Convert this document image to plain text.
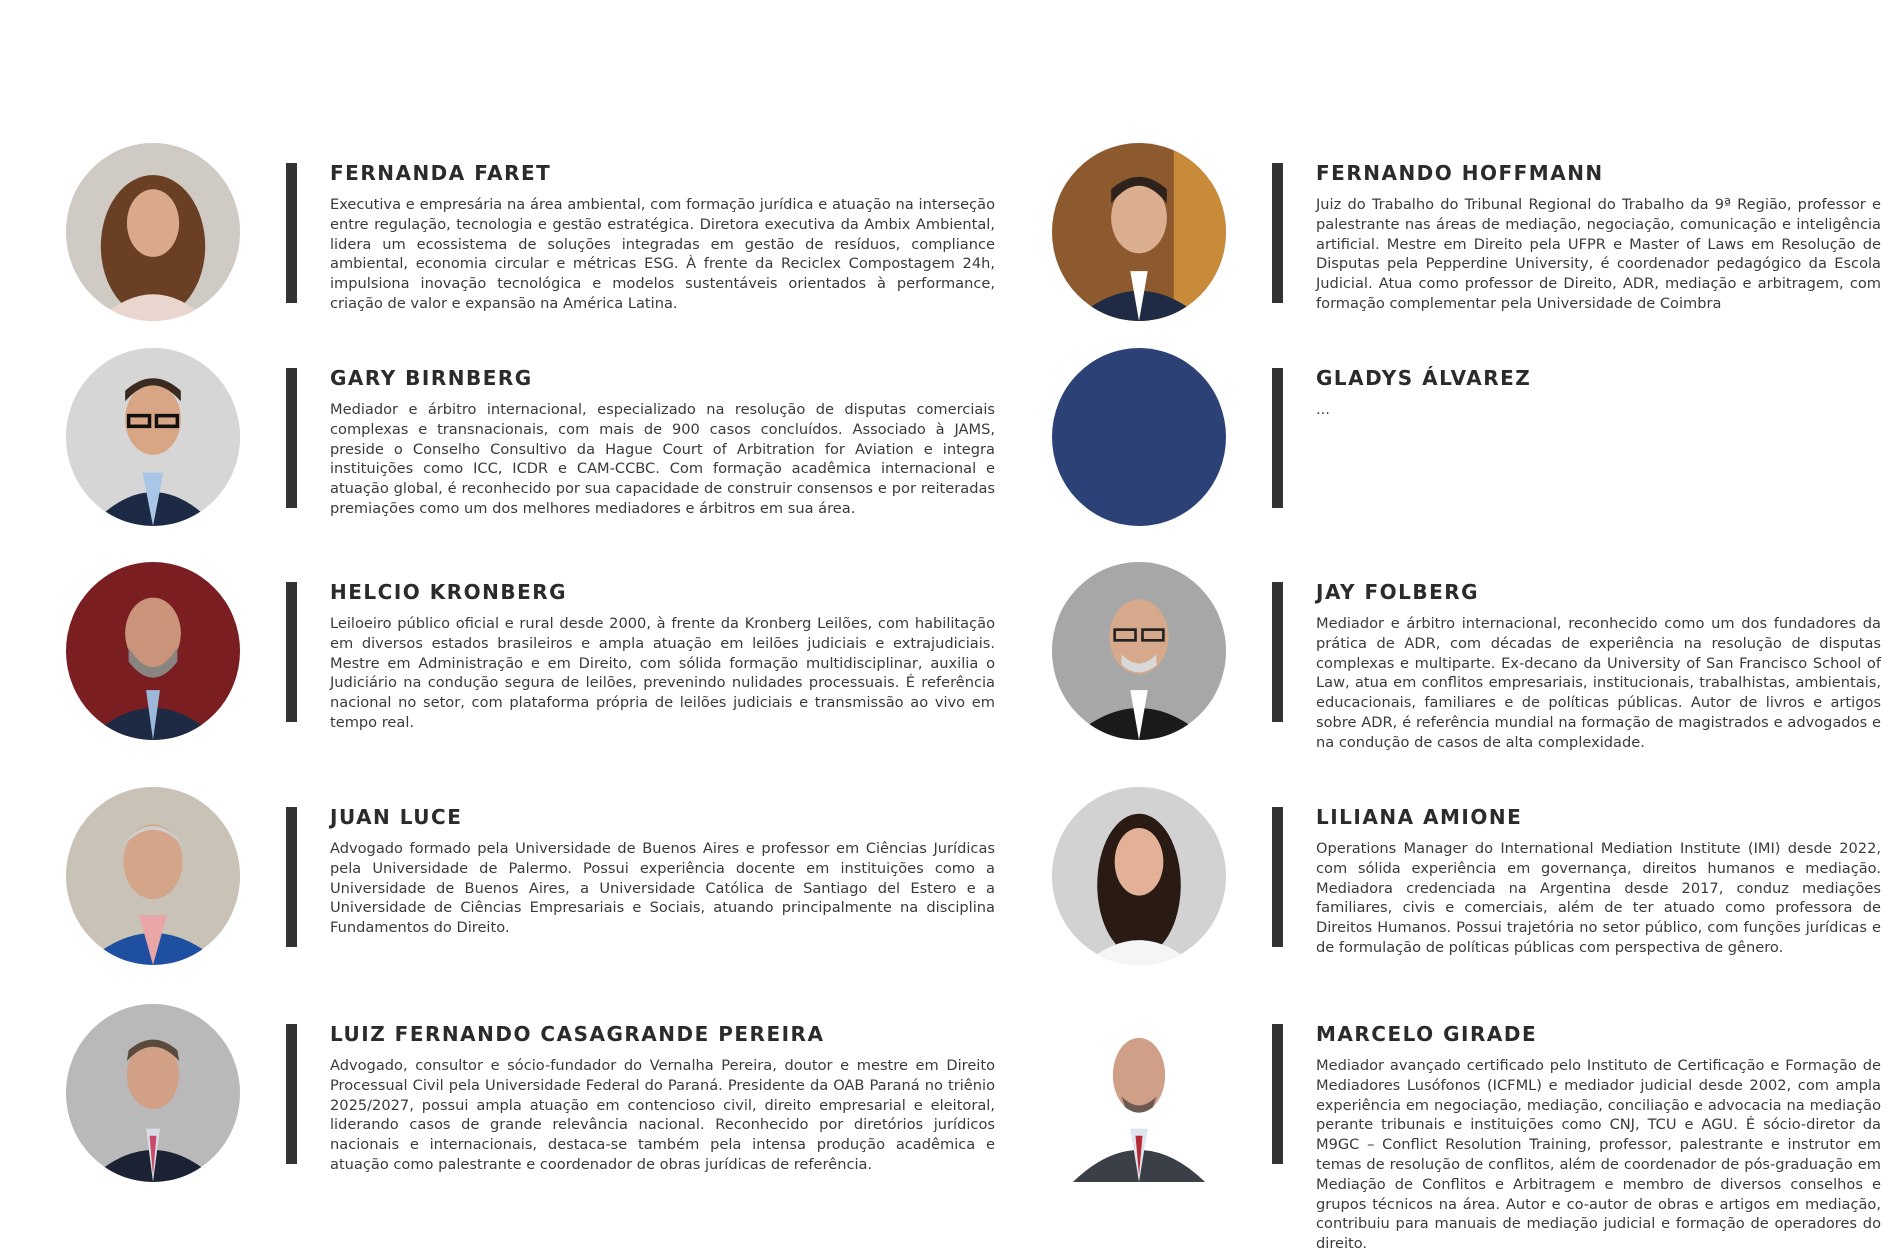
FERNANDA FARET

Executiva e empresária na área ambiental, com formação jurídica e atuação na interseção entre regulação, tecnologia e gestão estratégica. Diretora executiva da Ambix Ambiental, lidera um ecossistema de soluções integradas em gestão de resíduos, compliance ambiental, economia circular e métricas ESG. À frente da Reciclex Compostagem 24h, impulsiona inovação tecnológica e modelos sustentáveis orientados à performance, criação de valor e expansão na América Latina.

GARY BIRNBERG

Mediador e árbitro internacional, especializado na resolução de disputas comerciais complexas e transnacionais, com mais de 900 casos concluídos. Associado à JAMS, preside o Conselho Consultivo da Hague Court of Arbitration for Aviation e integra instituições como ICC, ICDR e CAM-CCBC. Com formação acadêmica internacional e atuação global, é reconhecido por sua capacidade de construir consensos e por reiteradas premiações como um dos melhores mediadores e árbitros em sua área.

HELCIO KRONBERG

Leiloeiro público oficial e rural desde 2000, à frente da Kronberg Leilões, com habilitação em diversos estados brasileiros e ampla atuação em leilões judiciais e extrajudiciais. Mestre em Administração e em Direito, com sólida formação multidisciplinar, auxilia o Judiciário na condução segura de leilões, prevenindo nulidades processuais. É referência nacional no setor, com plataforma própria de leilões judiciais e transmissão ao vivo em tempo real.

JUAN LUCE

Advogado formado pela Universidade de Buenos Aires e professor em Ciências Jurídicas pela Universidade de Palermo. Possui experiência docente em instituições como a Universidade de Buenos Aires, a Universidade Católica de Santiago del Estero e a Universidade de Ciências Empresariais e Sociais, atuando principalmente na disciplina Fundamentos do Direito.

LUIZ FERNANDO CASAGRANDE PEREIRA

Advogado, consultor e sócio-fundador do Vernalha Pereira, doutor e mestre em Direito Processual Civil pela Universidade Federal do Paraná. Presidente da OAB Paraná no triênio 2025/2027, possui ampla atuação em contencioso civil, direito empresarial e eleitoral, liderando casos de grande relevância nacional. Reconhecido por diretórios jurídicos nacionais e internacionais, destaca-se também pela intensa produção acadêmica e atuação como palestrante e coordenador de obras jurídicas de referência.

FERNANDO HOFFMANN

Juiz do Trabalho do Tribunal Regional do Trabalho da 9ª Região, professor e palestrante nas áreas de mediação, negociação, comunicação e inteligência artificial. Mestre em Direito pela UFPR e Master of Laws em Resolução de Disputas pela Pepperdine University, é coordenador pedagógico da Escola Judicial. Atua como professor de Direito, ADR, mediação e arbitragem, com formação complementar pela Universidade de Coimbra

GLADYS ÁLVAREZ

...

JAY FOLBERG

Mediador e árbitro internacional, reconhecido como um dos fundadores da prática de ADR, com décadas de experiência na resolução de disputas complexas e multiparte. Ex-decano da University of San Francisco School of Law, atua em conflitos empresariais, institucionais, trabalhistas, ambientais, educacionais, familiares e de políticas públicas. Autor de livros e artigos sobre ADR, é referência mundial na formação de magistrados e advogados e na condução de casos de alta complexidade.

LILIANA AMIONE

Operations Manager do International Mediation Institute (IMI) desde 2022, com sólida experiência em governança, direitos humanos e mediação. Mediadora credenciada na Argentina desde 2017, conduz mediações familiares, civis e comerciais, além de ter atuado como professora de Direitos Humanos. Possui trajetória no setor público, com funções jurídicas e de formulação de políticas públicas com perspectiva de gênero.

MARCELO GIRADE

Mediador avançado certificado pelo Instituto de Certificação e Formação de Mediadores Lusófonos (ICFML) e mediador judicial desde 2002, com ampla experiência em negociação, mediação, conciliação e advocacia na mediação perante tribunais e instituições como CNJ, TCU e AGU. É sócio-diretor da M9GC – Conflict Resolution Training, professor, palestrante e instrutor em temas de resolução de conflitos, além de coordenador de pós-graduação em Mediação de Conflitos e Arbitragem e membro de diversos conselhos e grupos técnicos na área. Autor e co-autor de obras e artigos em mediação, contribuiu para manuais de mediação judicial e formação de operadores do direito.
